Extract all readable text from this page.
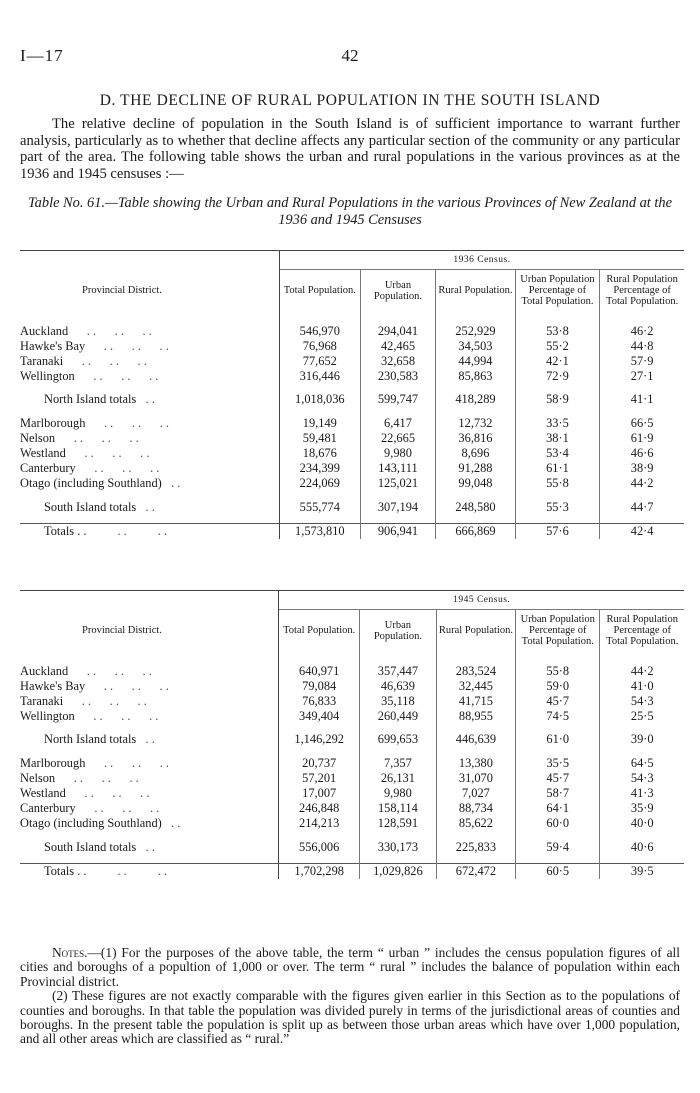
I—17	42
D. THE DECLINE OF RURAL POPULATION IN THE SOUTH ISLAND

The relative decline of population in the South Island is of sufficient importance to warrant further analysis, particularly as to whether that decline affects any particular section of the community or any particular part of the area. The following table shows the urban and rural populations in the various provinces as at the 1936 and 1945 censuses :—

Table No. 61.—Table showing the Urban and Rural Populations in the various Provinces of New Zealand at the 1936 and 1945 Censuses

	1936 Census.				
Provincial District.	Total Population.	Urban Population.	Rural Population.	Urban Population Percentage of Total Population.	Rural Population Percentage of Total Population.

Auckland      . .      . .      . .	546,970	294,041	252,929	53·8	46·2
Hawke's Bay      . .      . .      . .	76,968	42,465	34,503	55·2	44·8
Taranaki      . .      . .      . .	77,652	32,658	44,994	42·1	57·9
Wellington      . .      . .      . .	316,446	230,583	85,863	72·9	27·1

North Island totals   . .	1,018,036	599,747	418,289	58·9	41·1

Marlborough      . .      . .      . .	19,149	6,417	12,732	33·5	66·5
Nelson      . .      . .      . .	59,481	22,665	36,816	38·1	61·9
Westland      . .      . .      . .	18,676	9,980	8,696	53·4	46·6
Canterbury      . .      . .      . .	234,399	143,111	91,288	61·1	38·9
Otago (including Southland)   . .	224,069	125,021	99,048	55·8	44·2

South Island totals   . .	555,774	307,194	248,580	55·3	44·7

Totals . .          . .          . .	1,573,810	906,941	666,869	57·6	42·4
	1945 Census.				
Provincial District.	Total Population.	Urban Population.	Rural Population.	Urban Population Percentage of Total Population.	Rural Population Percentage of Total Population.

Auckland      . .      . .      . .	640,971	357,447	283,524	55·8	44·2
Hawke's Bay      . .      . .      . .	79,084	46,639	32,445	59·0	41·0
Taranaki      . .      . .      . .	76,833	35,118	41,715	45·7	54·3
Wellington      . .      . .      . .	349,404	260,449	88,955	74·5	25·5

North Island totals   . .	1,146,292	699,653	446,639	61·0	39·0

Marlborough      . .      . .      . .	20,737	7,357	13,380	35·5	64·5
Nelson      . .      . .      . .	57,201	26,131	31,070	45·7	54·3
Westland      . .      . .      . .	17,007	9,980	7,027	58·7	41·3
Canterbury      . .      . .      . .	246,848	158,114	88,734	64·1	35·9
Otago (including Southland)   . .	214,213	128,591	85,622	60·0	40·0

South Island totals   . .	556,006	330,173	225,833	59·4	40·6

Totals . .          . .          . .	1,702,298	1,029,826	672,472	60·5	39·5

Notes.—(1) For the purposes of the above table, the term “ urban ” includes the census population figures of all cities and boroughs of a popultion of 1,000 or over. The term “ rural ” includes the balance of population within each Provincial district.

(2) These figures are not exactly comparable with the figures given earlier in this Section as to the populations of counties and boroughs. In that table the population was divided purely in terms of the jurisdictional areas of counties and boroughs. In the present table the population is split up as between those urban areas which have over 1,000 population, and all other areas which are classified as “ rural.”
